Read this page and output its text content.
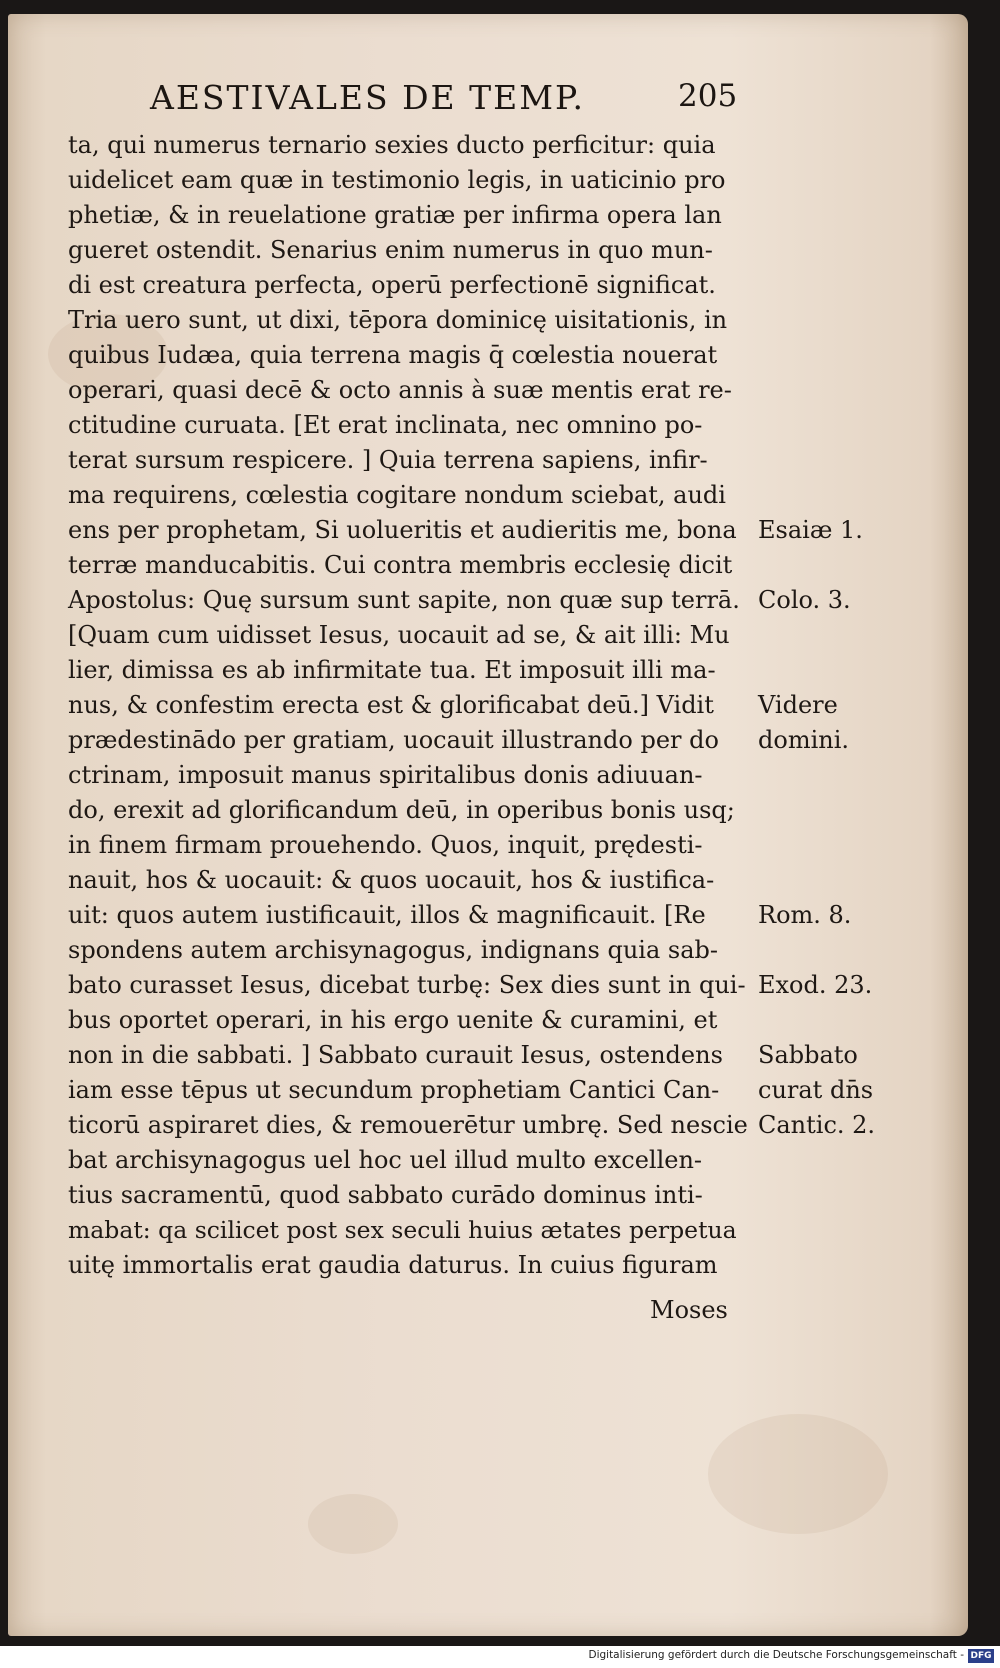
AESTIVALES DE TEMP.	205
ta, qui numerus ternario sexies ducto perficitur: quia
uidelicet eam quæ in testimonio legis, in uaticinio pro
phetiæ, & in reuelatione gratiæ per infirma opera lan
gueret ostendit. Senarius enim numerus in quo mun-
di est creatura perfecta, operū perfectionē significat.
Tria uero sunt, ut dixi, tēpora dominicę uisitationis, in
quibus Iudæa, quia terrena magis q̄ cœlestia nouerat
operari, quasi decē & octo annis à suæ mentis erat re-
ctitudine curuata. [Et erat inclinata, nec omnino po-
terat sursum respicere. ] Quia terrena sapiens, infir-
ma requirens, cœlestia cogitare nondum sciebat, audi
ens per prophetam, Si uolueritis et audieritis me, bona
terræ manducabitis. Cui contra membris ecclesię dicit
Apostolus: Quę sursum sunt sapite, non quæ sup terrā.
[Quam cum uidisset Iesus, uocauit ad se, & ait illi: Mu
lier, dimissa es ab infirmitate tua. Et imposuit illi ma-
nus, & confestim erecta est & glorificabat deū.] Vidit
prædestinādo per gratiam, uocauit illustrando per do
ctrinam, imposuit manus spiritalibus donis adiuuan-
do, erexit ad glorificandum deū, in operibus bonis usq;
in finem firmam prouehendo. Quos, inquit, prędesti-
nauit, hos & uocauit: & quos uocauit, hos & iustifica-
uit: quos autem iustificauit, illos & magnificauit. [Re
spondens autem archisynagogus, indignans quia sab-
bato curasset Iesus, dicebat turbę: Sex dies sunt in qui-
bus oportet operari, in his ergo uenite & curamini, et
non in die sabbati. ] Sabbato curauit Iesus, ostendens
iam esse tēpus ut secundum prophetiam Cantici Can-
ticorū aspiraret dies, & remouerētur umbrę. Sed nescie
bat archisynagogus uel hoc uel illud multo excellen-
tius sacramentū, quod sabbato curādo dominus inti-
mabat: qa scilicet post sex seculi huius ætates perpetua
uitę immortalis erat gaudia daturus. In cuius figuram
Esaiæ 1.
Colo. 3.
Videre
domini.
Rom. 8.
Exod. 23.
Sabbato
curat dn̄s
Cantic. 2.
Moses
Digitalisierung gefördert durch die Deutsche Forschungsgemeinschaft - DFG
